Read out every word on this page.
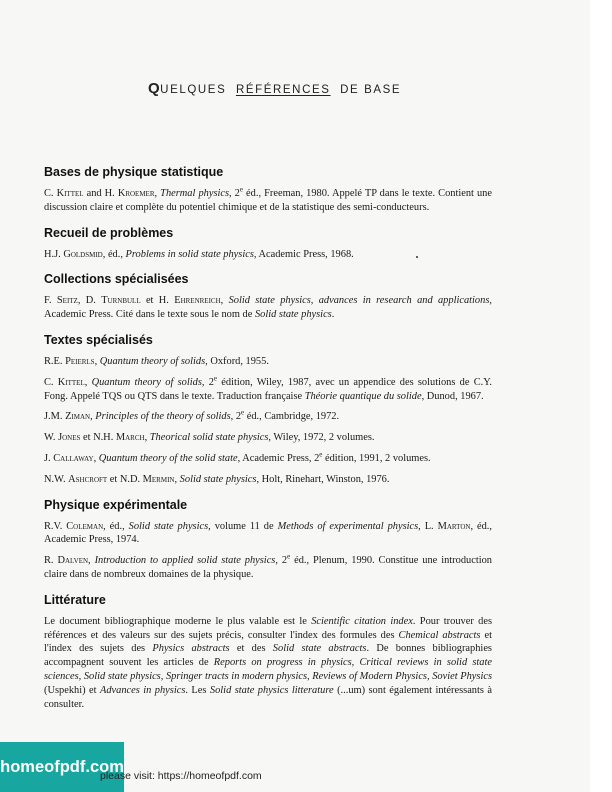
QUELQUES RÉFÉRENCES DE BASE
Bases de physique statistique

C. Kittel and H. Kroemer, Thermal physics, 2e éd., Freeman, 1980. Appelé TP dans le texte. Contient une discussion claire et complète du potentiel chimique et de la statistique des semi-conducteurs.

Recueil de problèmes

H.J. Goldsmid, éd., Problems in solid state physics, Academic Press, 1968.

Collections spécialisées

F. Seitz, D. Turnbull et H. Ehrenreich, Solid state physics, advances in research and applications, Academic Press. Cité dans le texte sous le nom de Solid state physics.

Textes spécialisés

R.E. Peierls, Quantum theory of solids, Oxford, 1955.

C. Kittel, Quantum theory of solids, 2e édition, Wiley, 1987, avec un appendice des solutions de C.Y. Fong. Appelé TQS ou QTS dans le texte. Traduction française Théorie quantique du solide, Dunod, 1967.

J.M. Ziman, Principles of the theory of solids, 2e éd., Cambridge, 1972.

W. Jones et N.H. March, Theorical solid state physics, Wiley, 1972, 2 volumes.

J. Callaway, Quantum theory of the solid state, Academic Press, 2e édition, 1991, 2 volumes.

N.W. Ashcroft et N.D. Mermin, Solid state physics, Holt, Rinehart, Winston, 1976.

Physique expérimentale

R.V. Coleman, éd., Solid state physics, volume 11 de Methods of experimental physics, L. Marton, éd., Academic Press, 1974.

R. Dalven, Introduction to applied solid state physics, 2e éd., Plenum, 1990. Constitue une introduction claire dans de nombreux domaines de la physique.

Littérature

Le document bibliographique moderne le plus valable est le Scientific citation index. Pour trouver des références et des valeurs sur des sujets précis, consulter l'index des formules des Chemical abstracts et l'index des sujets des Physics abstracts et des Solid state abstracts. De bonnes bibliographies accompagnent souvent les articles de Reports on progress in physics, Critical reviews in solid state sciences, Solid state physics, Springer tracts in modern physics, Reviews of Modern Physics, Soviet Physics (Uspekhi) et Advances in physics. Les Solid state physics litterature (...um) sont également intéressants à consulter.

homeofpdf.com
please visit: https://homeofpdf.com
